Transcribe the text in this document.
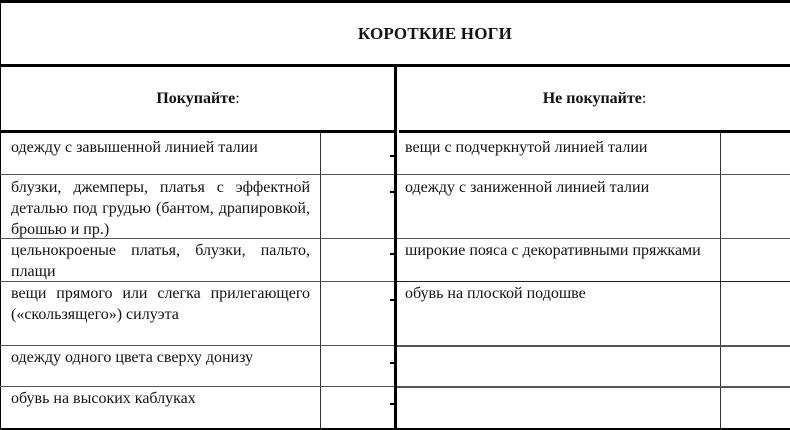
КОРОТКИЕ НОГИ
Покупайте :	Не покупайте :
одежду с завышенной линией талии
блузки, джемперы, платья с эффектной деталью под грудью (бантом, драпировкой, брошью и пр.)
цельнокроеные платья, блузки, пальто, плащи
вещи прямого или слегка прилегающего («скользящего») силуэта
одежду одного цвета сверху донизу
обувь на высоких каблуках
вещи с подчеркнутой линией талии
одежду с заниженной линией талии
широкие пояса с декоративными пряжками
обувь на плоской подошве
